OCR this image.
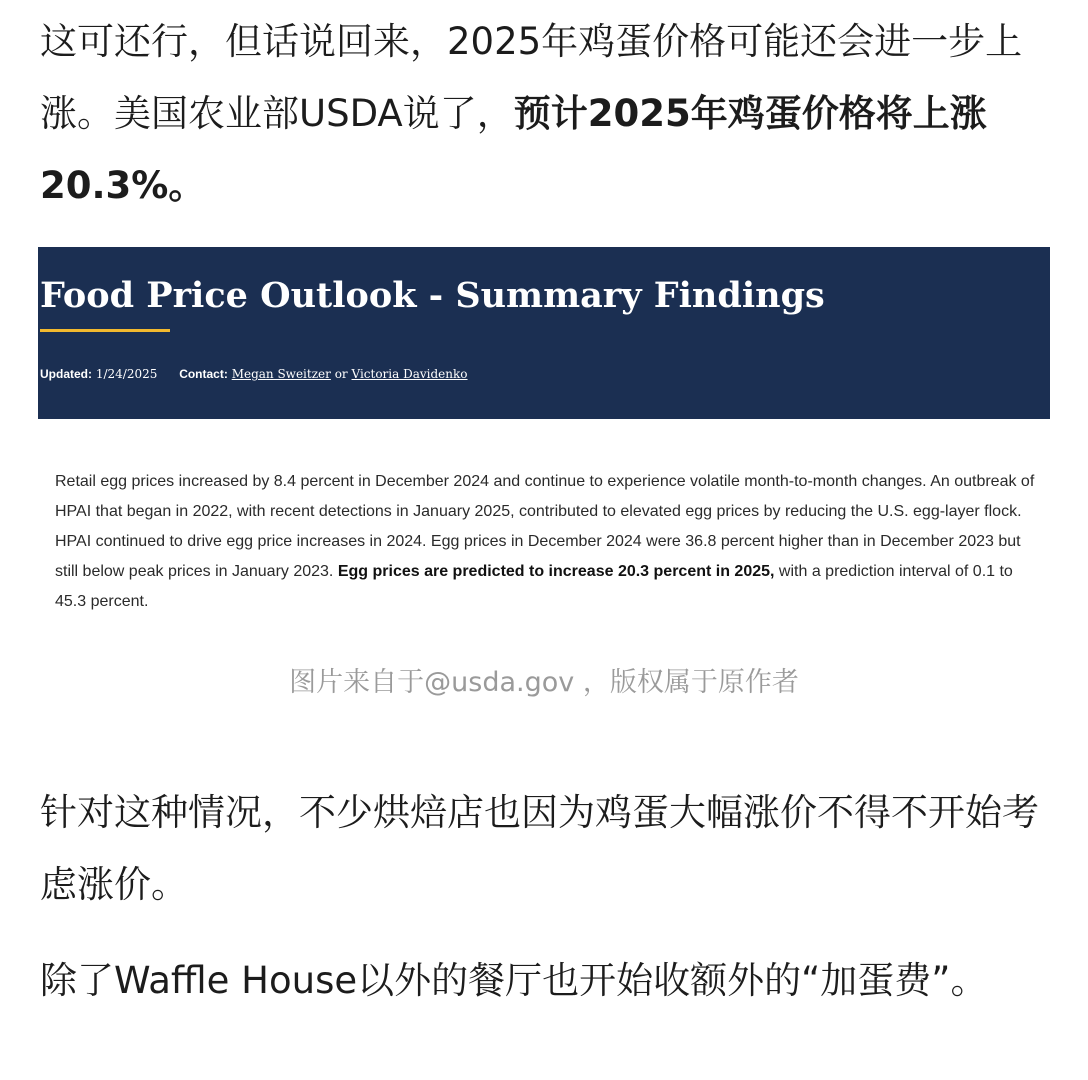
这可还行，但话说回来，2025年鸡蛋价格可能还会进一步上涨。美国农业部USDA说了，预计2025年鸡蛋价格将上涨 20.3%。

Food Price Outlook - Summary Findings
Updated: 1/24/2025 Contact: Megan Sweitzer or Victoria Davidenko

Retail egg prices increased by 8.4 percent in December 2024 and continue to experience volatile month-to-month changes. An outbreak of HPAI that began in 2022, with recent detections in January 2025, contributed to elevated egg prices by reducing the U.S. egg-layer flock. HPAI continued to drive egg price increases in 2024. Egg prices in December 2024 were 36.8 percent higher than in December 2023 but still below peak prices in January 2023. Egg prices are predicted to increase 20.3 percent in 2025, with a prediction interval of 0.1 to 45.3 percent.

图片来自于@usda.gov ，版权属于原作者

针对这种情况，不少烘焙店也因为鸡蛋大幅涨价不得不开始考虑涨价。

除了Waffle House以外的餐厅也开始收额外的“加蛋费”。
